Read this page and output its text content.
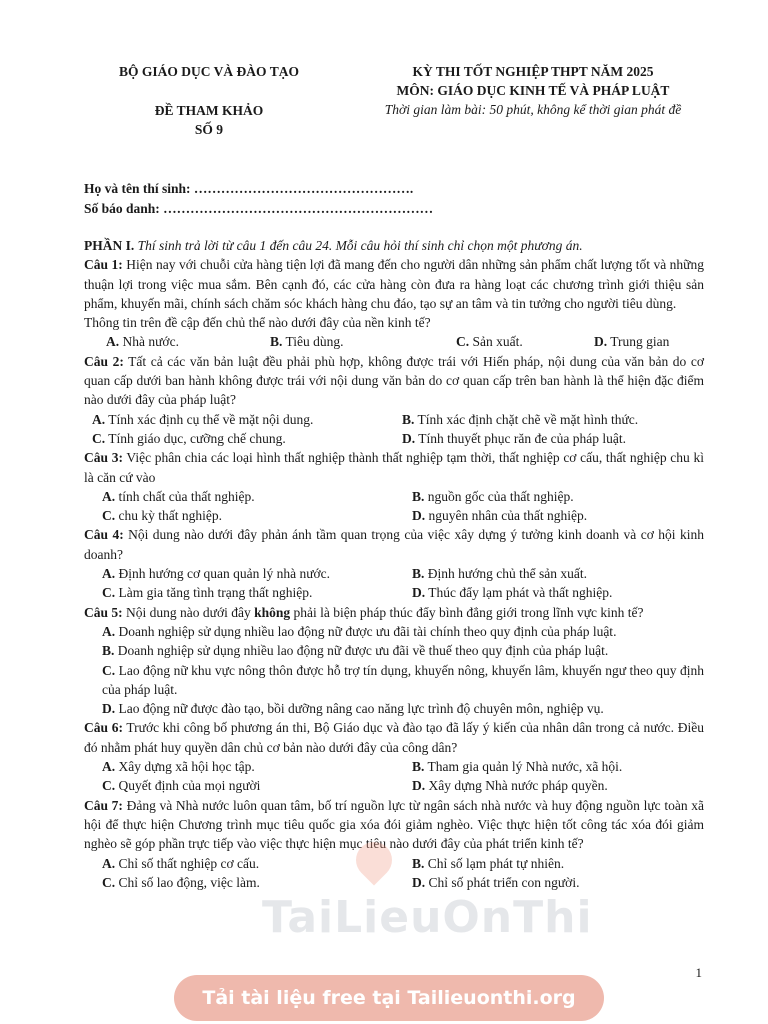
BỘ GIÁO DỤC VÀ ĐÀO TẠO
ĐỀ THAM KHẢO
SỐ 9
KỲ THI TỐT NGHIỆP THPT NĂM 2025
MÔN: GIÁO DỤC KINH TẾ VÀ PHÁP LUẬT
Thời gian làm bài: 50 phút, không kể thời gian phát đề
Họ và tên thí sinh: ………………………………………….
Số báo danh: ……………………………………………………

PHẦN I. Thí sinh trả lời từ câu 1 đến câu 24. Mỗi câu hỏi thí sinh chỉ chọn một phương án.

Câu 1: Hiện nay với chuỗi cửa hàng tiện lợi đã mang đến cho người dân những sản phẩm chất lượng tốt và những thuận lợi trong việc mua sắm. Bên cạnh đó, các cửa hàng còn đưa ra hàng loạt các chương trình giới thiệu sản phẩm, khuyến mãi, chính sách chăm sóc khách hàng chu đáo, tạo sự an tâm và tin tưởng cho người tiêu dùng.

Thông tin trên đề cập đến chủ thể nào dưới đây của nền kinh tế?

A. Nhà nước.	B. Tiêu dùng.	C. Sản xuất.	D. Trung gian

Câu 2: Tất cả các văn bản luật đều phải phù hợp, không được trái với Hiến pháp, nội dung của văn bản do cơ quan cấp dưới ban hành không được trái với nội dung văn bản do cơ quan cấp trên ban hành là thể hiện đặc điểm nào dưới đây của pháp luật?

A. Tính xác định cụ thể về mặt nội dung.	B. Tính xác định chặt chẽ về mặt hình thức.
C. Tính giáo dục, cưỡng chế chung.	D. Tính thuyết phục răn đe của pháp luật.

Câu 3: Việc phân chia các loại hình thất nghiệp thành thất nghiệp tạm thời, thất nghiệp cơ cấu, thất nghiệp chu kì là căn cứ vào

A. tính chất của thất nghiệp.	B. nguồn gốc của thất nghiệp.
C. chu kỳ thất nghiệp.	D. nguyên nhân của thất nghiệp.

Câu 4: Nội dung nào dưới đây phản ánh tầm quan trọng của việc xây dựng ý tưởng kinh doanh và cơ hội kinh doanh?

A. Định hướng cơ quan quản lý nhà nước.	B. Định hướng chủ thể sản xuất.
C. Làm gia tăng tình trạng thất nghiệp.	D. Thúc đẩy lạm phát và thất nghiệp.

Câu 5: Nội dung nào dưới đây không phải là biện pháp thúc đẩy bình đẳng giới trong lĩnh vực kinh tế?

A. Doanh nghiệp sử dụng nhiều lao động nữ được ưu đãi tài chính theo quy định của pháp luật.

B. Doanh nghiệp sử dụng nhiều lao động nữ được ưu đãi về thuế theo quy định của pháp luật.

C. Lao động nữ khu vực nông thôn được hỗ trợ tín dụng, khuyến nông, khuyến lâm, khuyến ngư theo quy định của pháp luật.

D. Lao động nữ được đào tạo, bồi dưỡng nâng cao năng lực trình độ chuyên môn, nghiệp vụ.

Câu 6: Trước khi công bố phương án thi, Bộ Giáo dục và đào tạo đã lấy ý kiến của nhân dân trong cả nước. Điều đó nhằm phát huy quyền dân chủ cơ bản nào dưới đây của công dân?

A. Xây dựng xã hội học tập.	B. Tham gia quản lý Nhà nước, xã hội.
C. Quyết định của mọi người	D. Xây dựng Nhà nước pháp quyền.

Câu 7: Đảng và Nhà nước luôn quan tâm, bố trí nguồn lực từ ngân sách nhà nước và huy động nguồn lực toàn xã hội để thực hiện Chương trình mục tiêu quốc gia xóa đói giảm nghèo. Việc thực hiện tốt công tác xóa đói giảm nghèo sẽ góp phần trực tiếp vào việc thực hiện mục tiêu nào dưới đây của phát triển kinh tế?

A. Chỉ số thất nghiệp cơ cấu.	B. Chỉ số lạm phát tự nhiên.
C. Chỉ số lao động, việc làm.	D. Chỉ số phát triển con người.
TaiLieuOnThi
1
Tải tài liệu free tại Tailieuonthi.org
